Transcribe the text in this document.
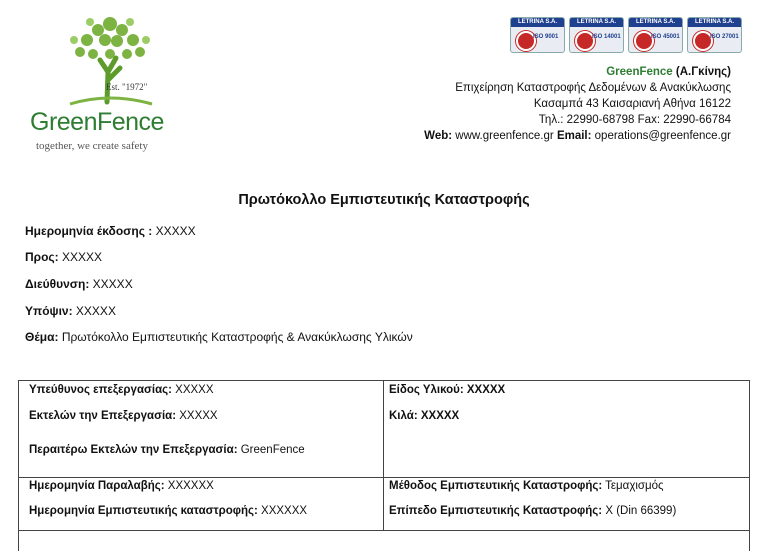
Est. "1972"
GreenFence
together, we create safety
LETRINA S.A.
ISO 9001
LETRINA S.A.
ISO 14001
LETRINA S.A.
ISO 45001
LETRINA S.A.
ISO 27001
GreenFence (Α.Γκίνης)
Επιχείρηση Καταστροφής Δεδομένων & Ανακύκλωσης
Κασαμπά 43 Καισαριανή Αθήνα 16122
Τηλ.: 22990-68798 Fax: 22990-66784
Web: www.greenfence.gr Email: operations@greenfence.gr
Πρωτόκολλο Εμπιστευτικής Καταστροφής
Ημερομηνία έκδοσης : XXXXX
Προς: XXXXX
Διεύθυνση: XXXXX
Υπόψιν: XXXXX
Θέμα: Πρωτόκολλο Εμπιστευτικής Καταστροφής & Ανακύκλωσης Υλικών
Υπεύθυνος επεξεργασίας: XXXXX
Εκτελών την Επεξεργασία: XXXXX
Περαιτέρω Εκτελών την Επεξεργασία: GreenFence
Είδος Υλικού: XXXXX
Κιλά: XXXXX
Ημερομηνία Παραλαβής: XXXXXX
Ημερομηνία Εμπιστευτικής καταστροφής: XXXXXX
Μέθοδος Εμπιστευτικής Καταστροφής: Τεμαχισμός
Επίπεδο Εμπιστευτικής Καταστροφής: X (Din 66399)
